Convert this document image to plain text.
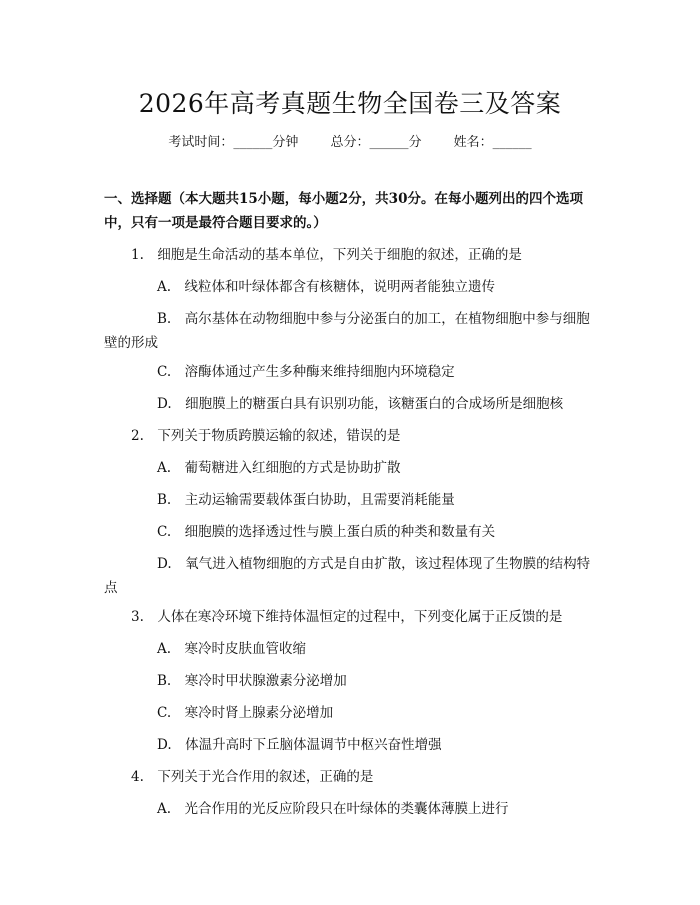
2026年高考真题生物全国卷三及答案
考试时间：______分钟 总分：______分 姓名：______
一、选择题（本大题共15小题，每小题2分，共30分。在每小题列出的四个选项中，只有一项是最符合题目要求的。）
1.　细胞是生命活动的基本单位，下列关于细胞的叙述，正确的是
A.　线粒体和叶绿体都含有核糖体，说明两者能独立遗传
B.　高尔基体在动物细胞中参与分泌蛋白的加工，在植物细胞中参与细胞
壁的形成
C.　溶酶体通过产生多种酶来维持细胞内环境稳定
D.　细胞膜上的糖蛋白具有识别功能，该糖蛋白的合成场所是细胞核
2.　下列关于物质跨膜运输的叙述，错误的是
A.　葡萄糖进入红细胞的方式是协助扩散
B.　主动运输需要载体蛋白协助，且需要消耗能量
C.　细胞膜的选择透过性与膜上蛋白质的种类和数量有关
D.　氧气进入植物细胞的方式是自由扩散，该过程体现了生物膜的结构特
点
3.　人体在寒冷环境下维持体温恒定的过程中，下列变化属于正反馈的是
A.　寒冷时皮肤血管收缩
B.　寒冷时甲状腺激素分泌增加
C.　寒冷时肾上腺素分泌增加
D.　体温升高时下丘脑体温调节中枢兴奋性增强
4.　下列关于光合作用的叙述，正确的是
A.　光合作用的光反应阶段只在叶绿体的类囊体薄膜上进行
